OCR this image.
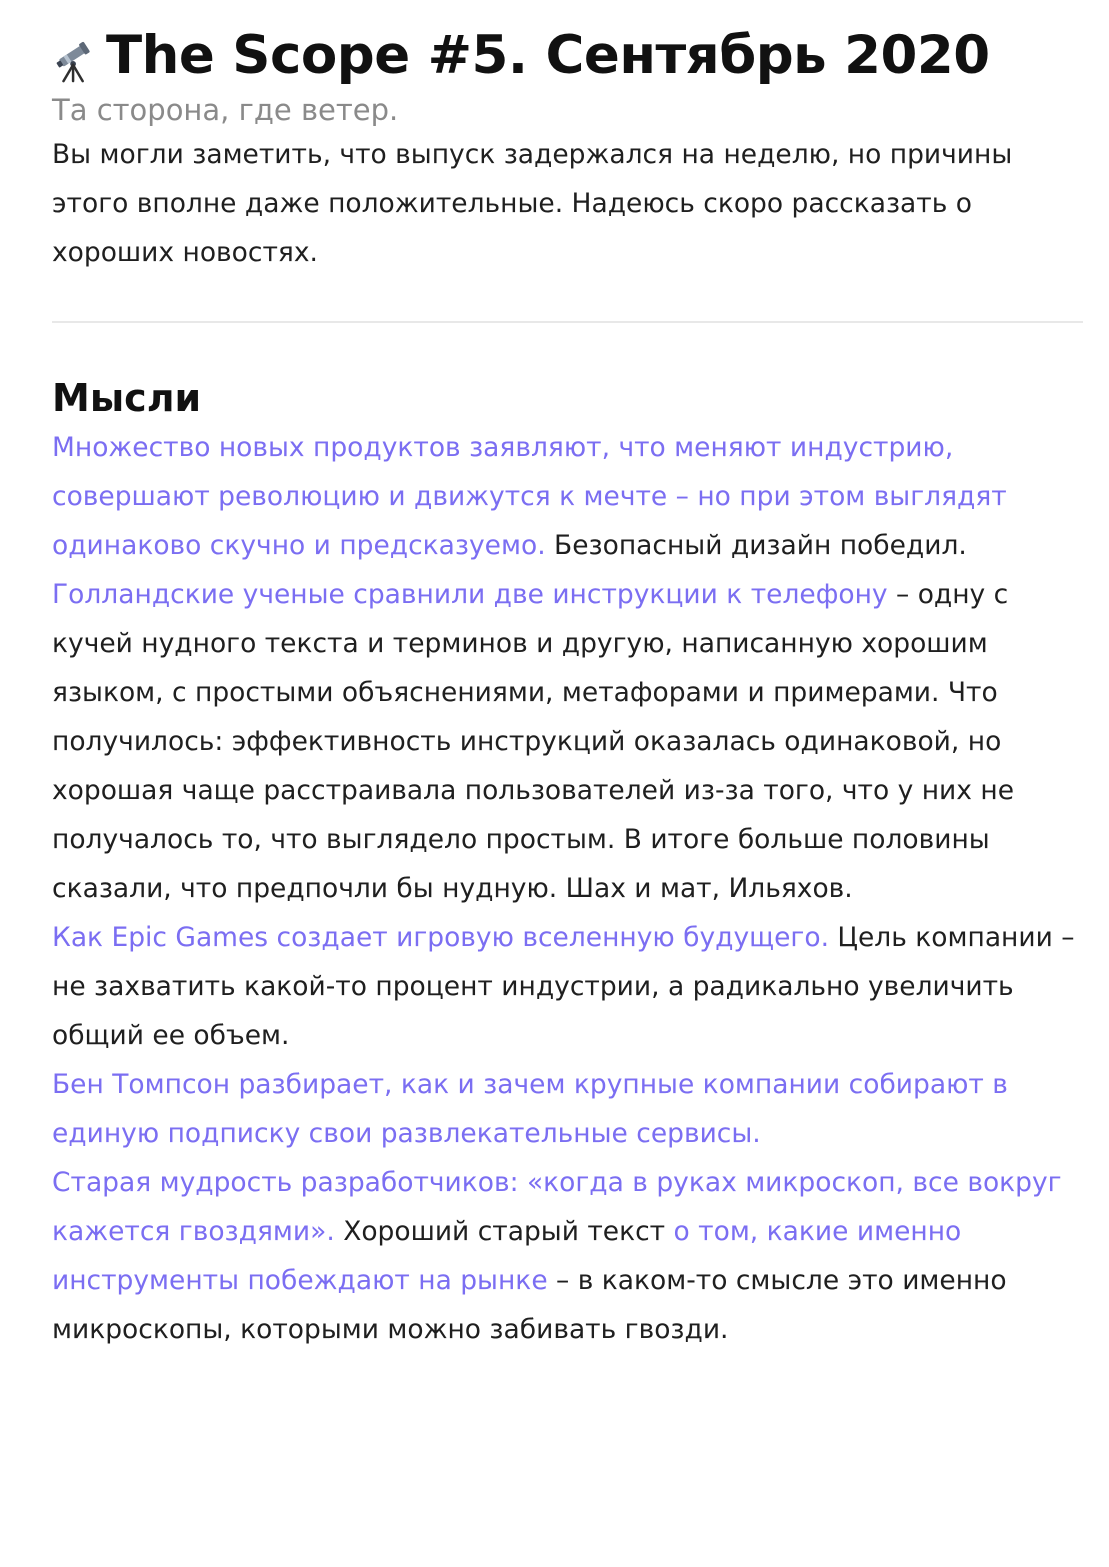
The Scope #5. Сентябрь 2020
Та сторона, где ветер.

Вы могли заметить, что выпуск задержался на неделю, но причины этого вполне даже положительные. Надеюсь скоро рассказать о хороших новостях.

Мысли

Множество новых продуктов заявляют, что меняют индустрию, совершают революцию и движутся к мечте – но при этом выглядят одинаково скучно и предсказуемо. Безопасный дизайн победил.

Голландские ученые сравнили две инструкции к телефону – одну с кучей нудного текста и терминов и другую, написанную хорошим языком, с простыми объяснениями, метафорами и примерами. Что получилось: эффективность инструкций оказалась одинаковой, но хорошая чаще расстраивала пользователей из-за того, что у них не получалось то, что выглядело простым. В итоге больше половины сказали, что предпочли бы нудную. Шах и мат, Ильяхов.

Как Epic Games создает игровую вселенную будущего. Цель компании – не захватить какой-то процент индустрии, а радикально увеличить общий ее объем.

Бен Томпсон разбирает, как и зачем крупные компании собирают в единую подписку свои развлекательные сервисы.

Старая мудрость разработчиков: «когда в руках микроскоп, все вокруг кажется гвоздями». Хороший старый текст о том, какие именно инструменты побеждают на рынке – в каком-то смысле это именно микроскопы, которыми можно забивать гвозди.
